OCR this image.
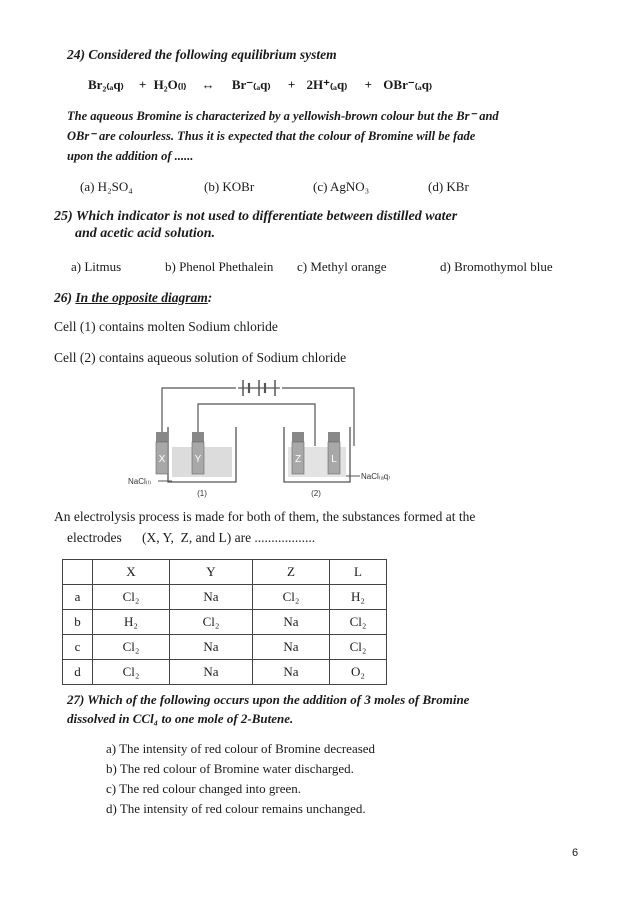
24) Considered the following equilibrium system
Br₂₍ₐq₎ + H₂O₍ₗ₎ ↔ Br⁻₍ₐq₎ + 2H⁺₍ₐq₎ + OBr⁻₍ₐq₎
The aqueous Bromine is characterized by a yellowish-brown colour but the Br⁻ and
OBr⁻ are colourless. Thus it is expected that the colour of Bromine will be fade
upon the addition of ......
(a) H₂SO₄	(b) KOBr	(c) AgNO₃	(d) KBr
25) Which indicator is not used to differentiate between distilled water
and acetic acid solution.
a) Litmus	b) Phenol Phethalein c) Methyl orange	d) Bromothymol blue
26) In the opposite diagram:
Cell (1) contains molten Sodium chloride
Cell (2) contains aqueous solution of Sodium chloride
X	Y	Z	L
NaCl₍ₗ₎
NaCl₍ₐq₎
(1)	(2)
An electrolysis process is made for both of them, the substances formed at the
electrodes      (X, Y,  Z, and L) are ..................
	X	Y	Z	L
a	Cl₂	Na	Cl₂	H₂
b	H₂	Cl₂	Na	Cl₂
c	Cl₂	Na	Na	Cl₂
d	Cl₂	Na	Na	O₂
27) Which of the following occurs upon the addition of 3 moles of Bromine
dissolved in CCl₄ to one mole of 2-Butene.
a) The intensity of red colour of Bromine decreased
b) The red colour of Bromine water discharged.
c) The red colour changed into green.
d) The intensity of red colour remains unchanged.
6
